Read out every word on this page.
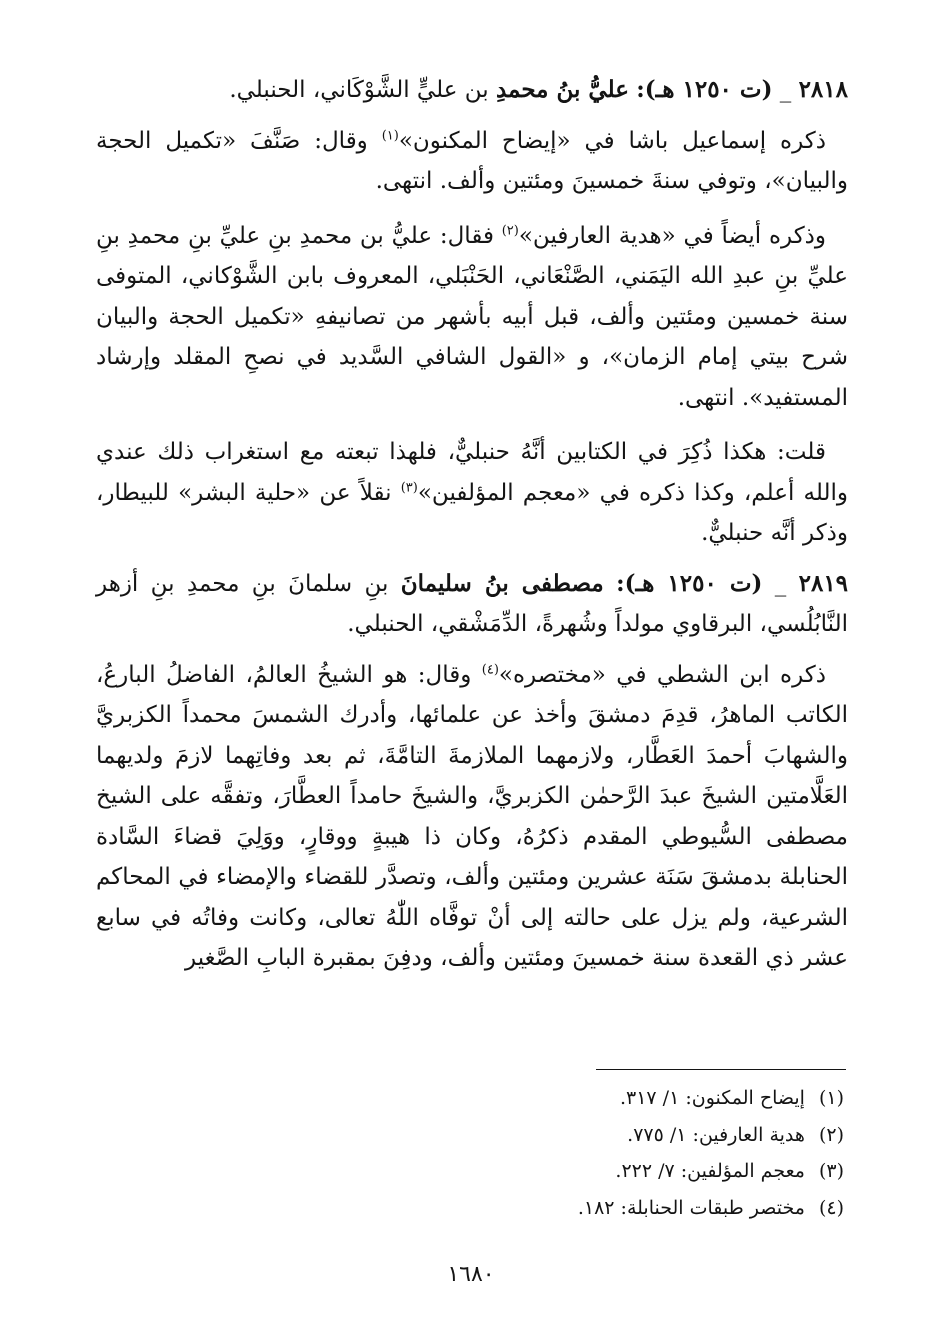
٢٨١٨ _ (ت ١٢٥٠ هـ): عليُّ بنُ محمدِ بن عليٍّ الشَّوْكَاني، الحنبلي.

ذكره إسماعيل باشا في «إيضاح المكنون»$^{(١)}$ وقال: صَنَّفَ «تكميل الحجة والبيان»، وتوفي سنةَ خمسينَ ومئتين وألف. انتهى.

وذكره أيضاً في «هدية العارفين»$^{(٢)}$ فقال: عليُّ بن محمدِ بنِ عليِّ بنِ محمدِ بنِ عليِّ بنِ عبدِ الله اليَمَني، الصَّنْعَاني، الحَنْبَلي، المعروف بابن الشَّوْكاني، المتوفى سنة خمسين ومئتين وألف، قبل أبيه بأشهر من تصانيفهِ «تكميل الحجة والبيان شرح بيتي إمام الزمان»، و «القول الشافي السَّديد في نصحِ المقلد وإرشاد المستفيد». انتهى.

قلت: هكذا ذُكِرَ في الكتابين أنَّهُ حنبليٌّ، فلهذا تبعته مع استغراب ذلك عندي والله أعلم، وكذا ذكره في «معجم المؤلفين»$^{(٣)}$ نقلاً عن «حلية البشر» للبيطار، وذكر أنَّه حنبليٌّ.

٢٨١٩ _ (ت ١٢٥٠ هـ): مصطفى بنُ سليمانَ بنِ سلمانَ بنِ محمدِ بنِ أزهر النَّابُلُسي، البرقاوي مولداً وشُهرةً، الدِّمَشْقي، الحنبلي.

ذكره ابن الشطي في «مختصره»$^{(٤)}$ وقال: هو الشيخُ العالمُ، الفاضلُ البارعُ، الكاتب الماهرُ، قدِمَ دمشقَ وأخذ عن علمائها، وأدرك الشمسَ محمداً الكزبريَّ والشهابَ أحمدَ العَطَّار، ولازمهما الملازمةَ التامَّةَ، ثم بعد وفاتِهما لازمَ ولديهما العَلَّامتين الشيخَ عبدَ الرَّحمٰن الكزبريَّ، والشيخَ حامداً العطَّارَ، وتفقَّه على الشيخ مصطفى السُّيوطي المقدم ذكرُهُ، وكان ذا هيبةٍ ووقارٍ، ووَلِيَ قضاءَ السَّادة الحنابلة بدمشقَ سَنَة عشرين ومئتين وألف، وتصدَّر للقضاء والإمضاء في المحاكم الشرعية، ولم يزل على حالته إلى أنْ توفَّاه اللّٰهُ تعالى، وكانت وفاتُه في سابع عشر ذي القعدة سنة خمسينَ ومئتين وألف، ودفِنَ بمقبرة البابِ الصَّغير

(١)إيضاح المكنون: ١/ ٣١٧.
(٢)هدية العارفين: ١/ ٧٧٥.
(٣)معجم المؤلفين: ٧/ ٢٢٢.
(٤)مختصر طبقات الحنابلة: ١٨٢.
١٦٨٠
